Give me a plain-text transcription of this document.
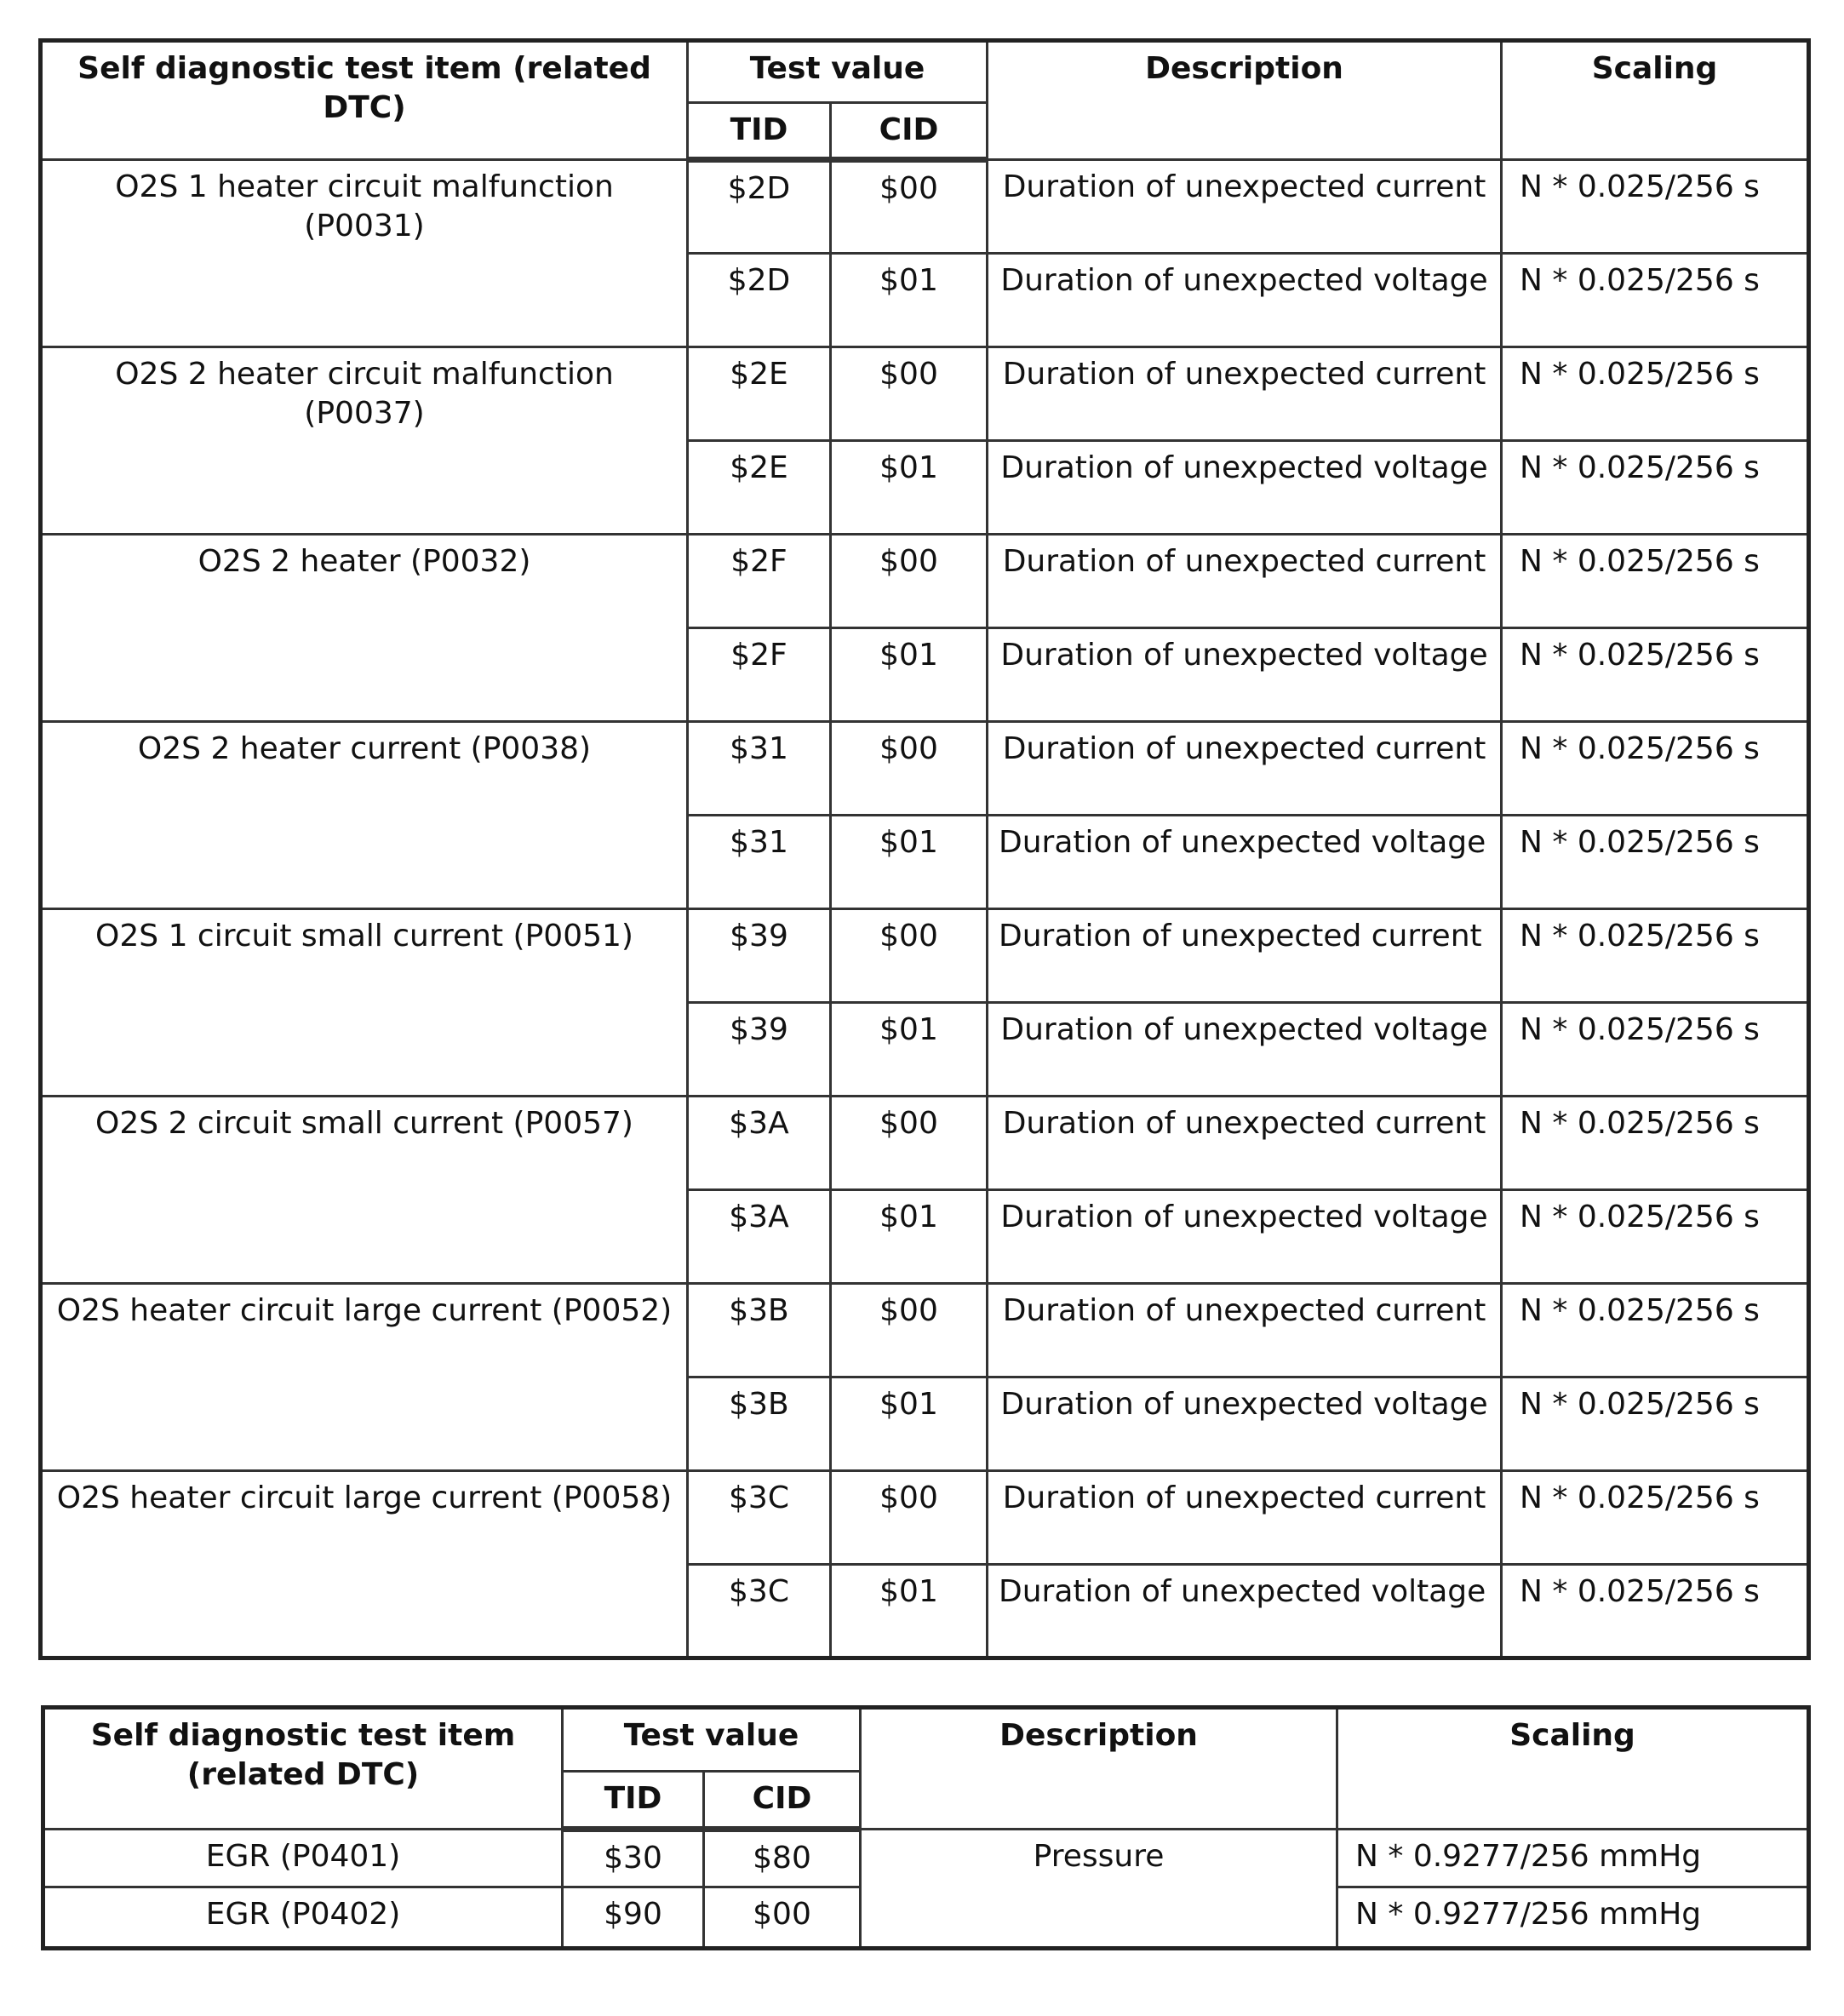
Self diagnostic test item (related DTC)	Test value		Description	Scaling
	TID	CID		
O2S 1 heater circuit malfunction (P0031)	$2D	$00	Duration of unexpected current	N * 0.025/256 s
	$2D	$01	Duration of unexpected voltage	N * 0.025/256 s
O2S 2 heater circuit malfunction (P0037)	$2E	$00	Duration of unexpected current	N * 0.025/256 s
	$2E	$01	Duration of unexpected voltage	N * 0.025/256 s
O2S 2 heater (P0032)	$2F	$00	Duration of unexpected current	N * 0.025/256 s
	$2F	$01	Duration of unexpected voltage	N * 0.025/256 s
O2S 2 heater current (P0038)	$31	$00	Duration of unexpected current	N * 0.025/256 s
	$31	$01	Duration of unexpected voltage	N * 0.025/256 s
O2S 1 circuit small current (P0051)	$39	$00	Duration of unexpected current	N * 0.025/256 s
	$39	$01	Duration of unexpected voltage	N * 0.025/256 s
O2S 2 circuit small current (P0057)	$3A	$00	Duration of unexpected current	N * 0.025/256 s
	$3A	$01	Duration of unexpected voltage	N * 0.025/256 s
O2S heater circuit large current (P0052)	$3B	$00	Duration of unexpected current	N * 0.025/256 s
	$3B	$01	Duration of unexpected voltage	N * 0.025/256 s
O2S heater circuit large current (P0058)	$3C	$00	Duration of unexpected current	N * 0.025/256 s
	$3C	$01	Duration of unexpected voltage	N * 0.025/256 s
Self diagnostic test item (related DTC)	Test value		Description	Scaling
	TID	CID		
EGR (P0401)	$30	$80	Pressure	N * 0.9277/256 mmHg
EGR (P0402)	$90	$00		N * 0.9277/256 mmHg
